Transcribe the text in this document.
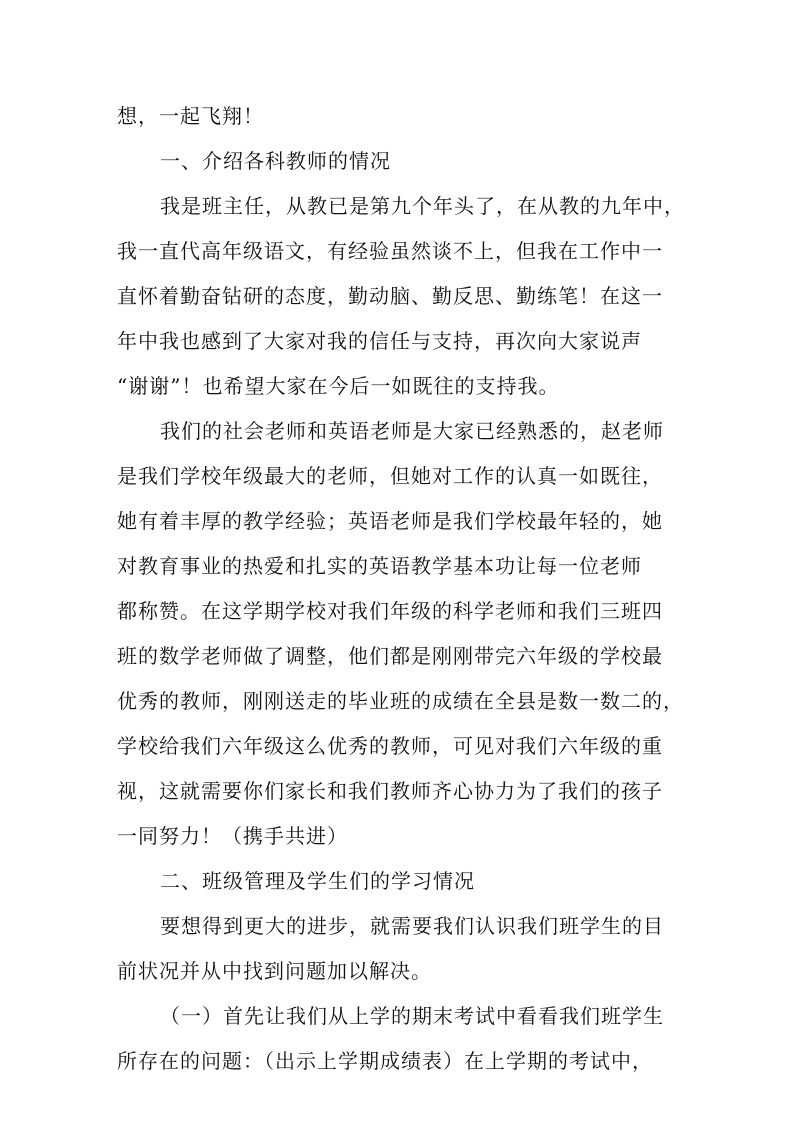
想，一起飞翔！
一、介绍各科教师的情况
我是班主任，从教已是第九个年头了，在从教的九年中，
我一直代高年级语文，有经验虽然谈不上，但我在工作中一
直怀着勤奋钻研的态度，勤动脑、勤反思、勤练笔！在这一
年中我也感到了大家对我的信任与支持，再次向大家说声
“谢谢”！也希望大家在今后一如既往的支持我。
我们的社会老师和英语老师是大家已经熟悉的，赵老师
是我们学校年级最大的老师，但她对工作的认真一如既往，
她有着丰厚的教学经验；英语老师是我们学校最年轻的，她
对教育事业的热爱和扎实的英语教学基本功让每一位老师
都称赞。在这学期学校对我们年级的科学老师和我们三班四
班的数学老师做了调整，他们都是刚刚带完六年级的学校最
优秀的教师，刚刚送走的毕业班的成绩在全县是数一数二的，
学校给我们六年级这么优秀的教师，可见对我们六年级的重
视，这就需要你们家长和我们教师齐心协力为了我们的孩子
一同努力！（携手共进）
二、班级管理及学生们的学习情况
要想得到更大的进步，就需要我们认识我们班学生的目
前状况并从中找到问题加以解决。
（一）首先让我们从上学的期末考试中看看我们班学生
所存在的问题：（出示上学期成绩表）在上学期的考试中，
